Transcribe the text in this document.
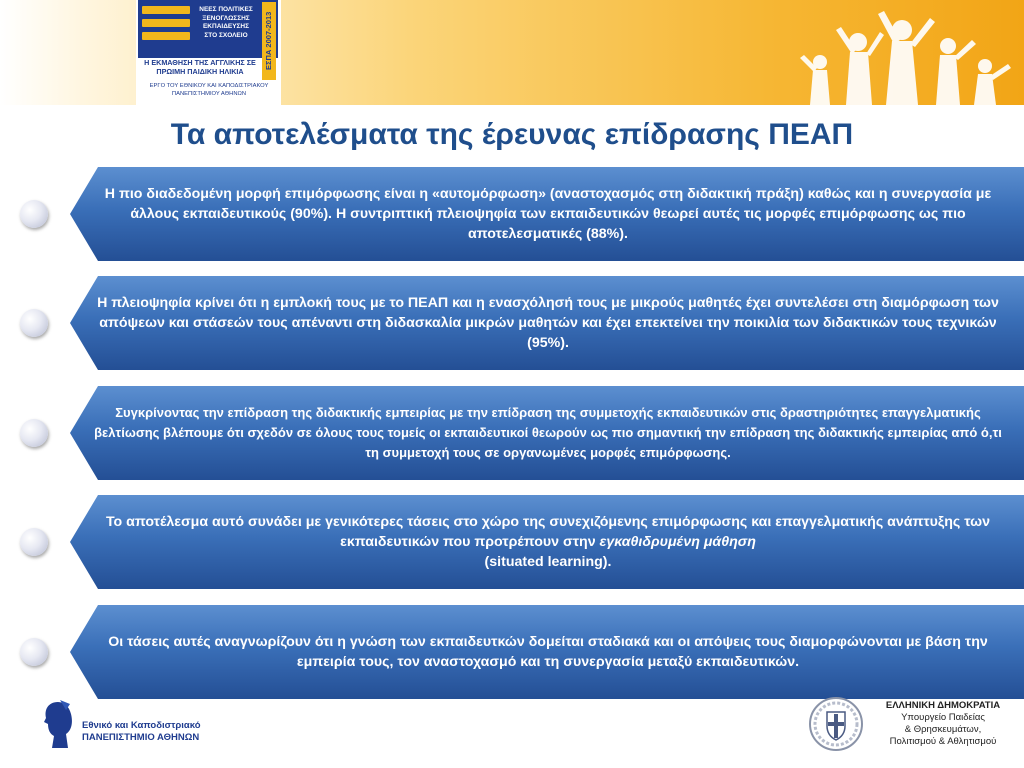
ΝΕΕΣ ΠΟΛΙΤΙΚΕΣ
ΞΕΝΟΓΛΩΣΣΗΣ
ΕΚΠΑΙΔΕΥΣΗΣ
ΣΤΟ ΣΧΟΛΕΙΟ	ΕΣΠΑ 2007-2013
Η ΕΚΜΑΘΗΣΗ ΤΗΣ ΑΓΓΛΙΚΗΣ ΣΕ
ΠΡΩΙΜΗ ΠΑΙΔΙΚΗ ΗΛΙΚΙΑ
ΕΡΓΟ ΤΟΥ ΕΘΝΙΚΟΥ ΚΑΙ ΚΑΠΟΔΙΣΤΡΙΑΚΟΥ
ΠΑΝΕΠΙΣΤΗΜΙΟΥ ΑΘΗΝΩΝ
Τα αποτελέσματα της έρευνας επίδρασης ΠΕΑΠ
Η πιο διαδεδομένη μορφή επιμόρφωσης είναι η «αυτομόρφωση» (αναστοχασμός στη διδακτική πράξη) καθώς και η συνεργασία με άλλους εκπαιδευτικούς (90%). Η συντριπτική πλειοψηφία των εκπαιδευτικών θεωρεί αυτές τις μορφές επιμόρφωσης ως πιο αποτελεσματικές (88%).
Η πλειοψηφία κρίνει ότι η εμπλοκή τους με το ΠΕΑΠ και η ενασχόλησή τους με μικρούς μαθητές έχει συντελέσει στη διαμόρφωση των απόψεων και στάσεών τους απέναντι στη διδασκαλία μικρών μαθητών και έχει επεκτείνει την ποικιλία των διδακτικών τους τεχνικών (95%).
Συγκρίνοντας την επίδραση της διδακτικής εμπειρίας με την επίδραση της συμμετοχής εκπαιδευτικών στις δραστηριότητες επαγγελματικής βελτίωσης βλέπουμε ότι σχεδόν σε όλους τους τομείς οι εκπαιδευτικοί θεωρούν ως πιο σημαντική την επίδραση της διδακτικής εμπειρίας από ό,τι τη συμμετοχή τους σε οργανωμένες μορφές επιμόρφωσης.
Το αποτέλεσμα αυτό συνάδει με γενικότερες τάσεις στο χώρο της συνεχιζόμενης επιμόρφωσης και επαγγελματικής ανάπτυξης των εκπαιδευτικών που προτρέπουν στην εγκαθιδρυμένη μάθηση
(situated learning).
Οι τάσεις αυτές αναγνωρίζουν ότι η γνώση των εκπαιδευτκών δομείται σταδιακά και οι απόψεις τους διαμορφώνονται με βάση την εμπειρία τους, τον αναστοχασμό και τη συνεργασία μεταξύ εκπαιδευτικών.
Εθνικό και Καποδιστριακό
ΠΑΝΕΠΙΣΤΗΜΙΟ ΑΘΗΝΩΝ
ΕΛΛΗΝΙΚΗ ΔΗΜΟΚΡΑΤΙΑ
Υπουργείο Παιδείας
& Θρησκευμάτων,
Πολιτισμού & Αθλητισμού
